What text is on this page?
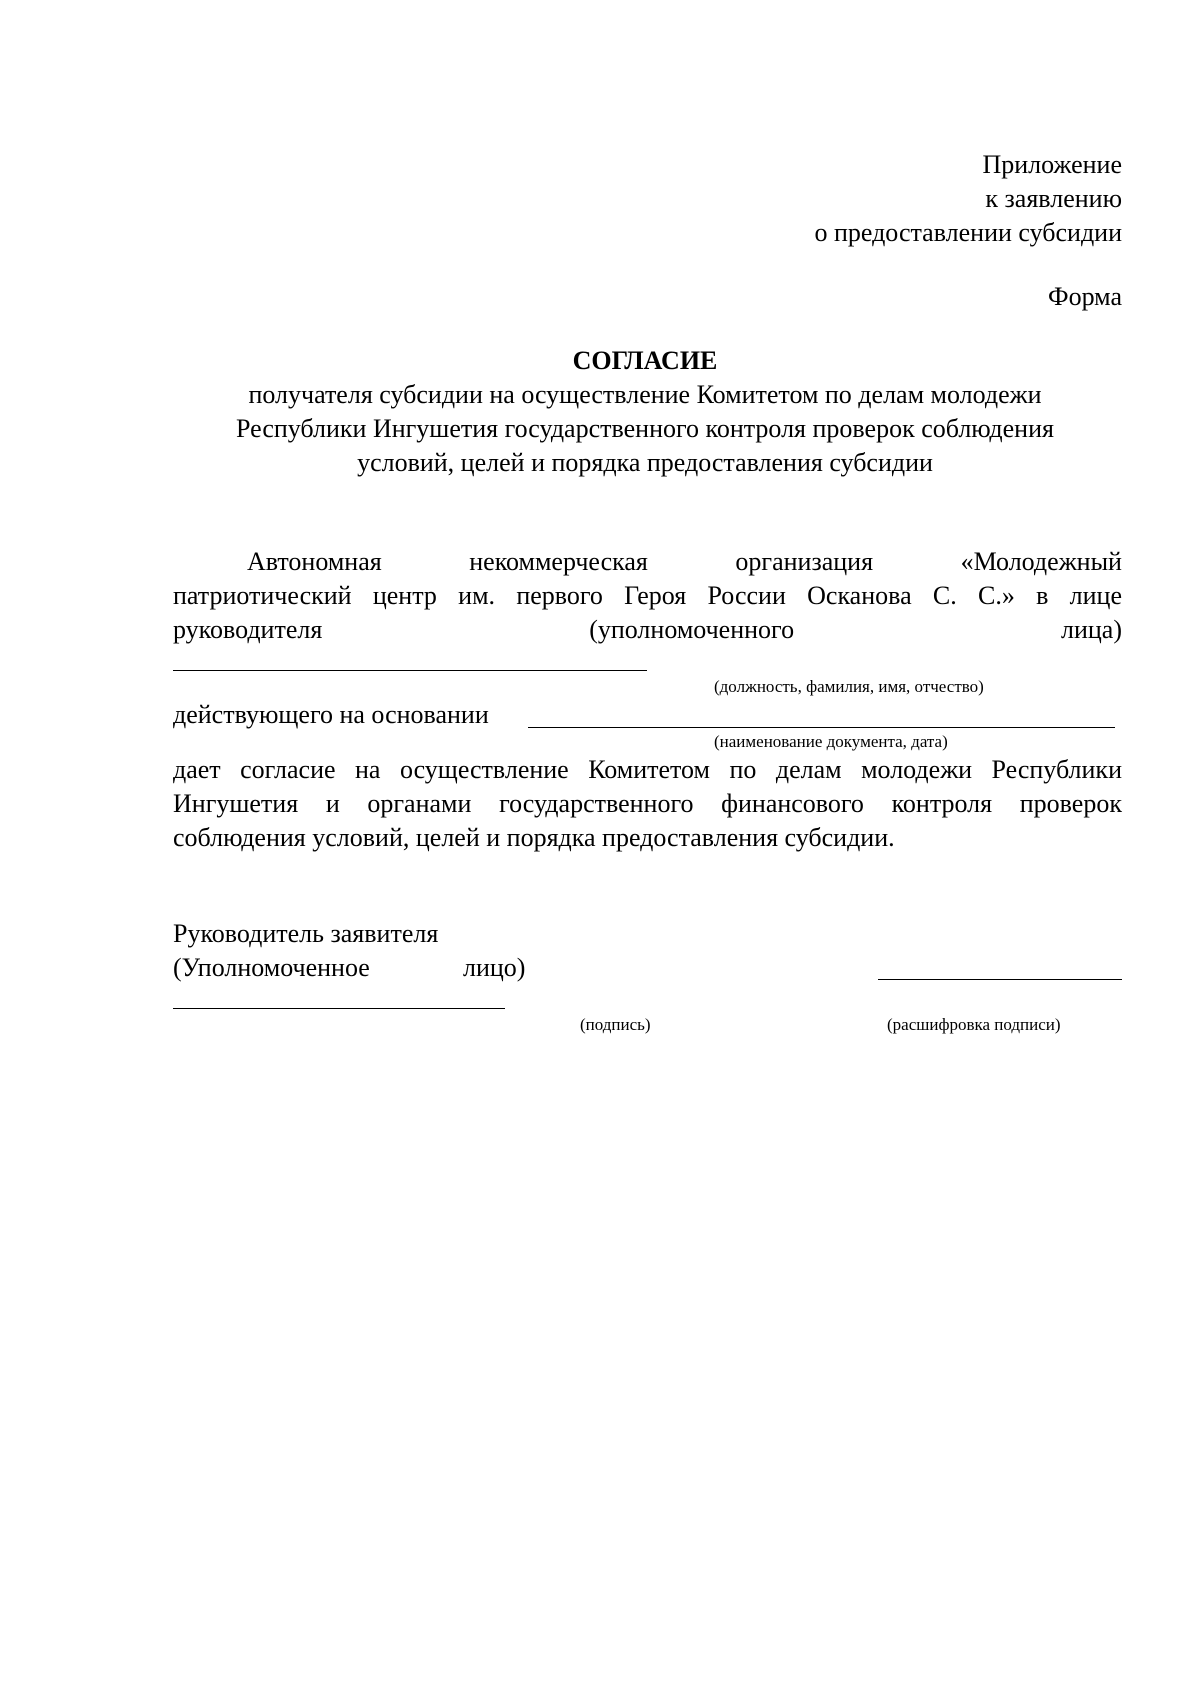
Приложение
к заявлению
о предоставлении субсидии
Форма
СОГЛАСИЕ
получателя субсидии на осуществление Комитетом по делам молодежи
Республики Ингушетия государственного контроля проверок соблюдения
условий, целей и порядка предоставления субсидии
Автономная	некоммерческая	организация	«Молодежный
патриотический центр им. первого Героя России Осканова С. С.» в лице
руководителя	(уполномоченного	лица)
(должность, фамилия, имя, отчество)
действующего на основании
(наименование документа, дата)
дает согласие на осуществление Комитетом по делам молодежи Республики
Ингушетия и органами государственного финансового контроля проверок
соблюдения условий, целей и порядка предоставления субсидии.
Руководитель заявителя
(Уполномоченное	лицо)
(подпись)	(расшифровка подписи)
